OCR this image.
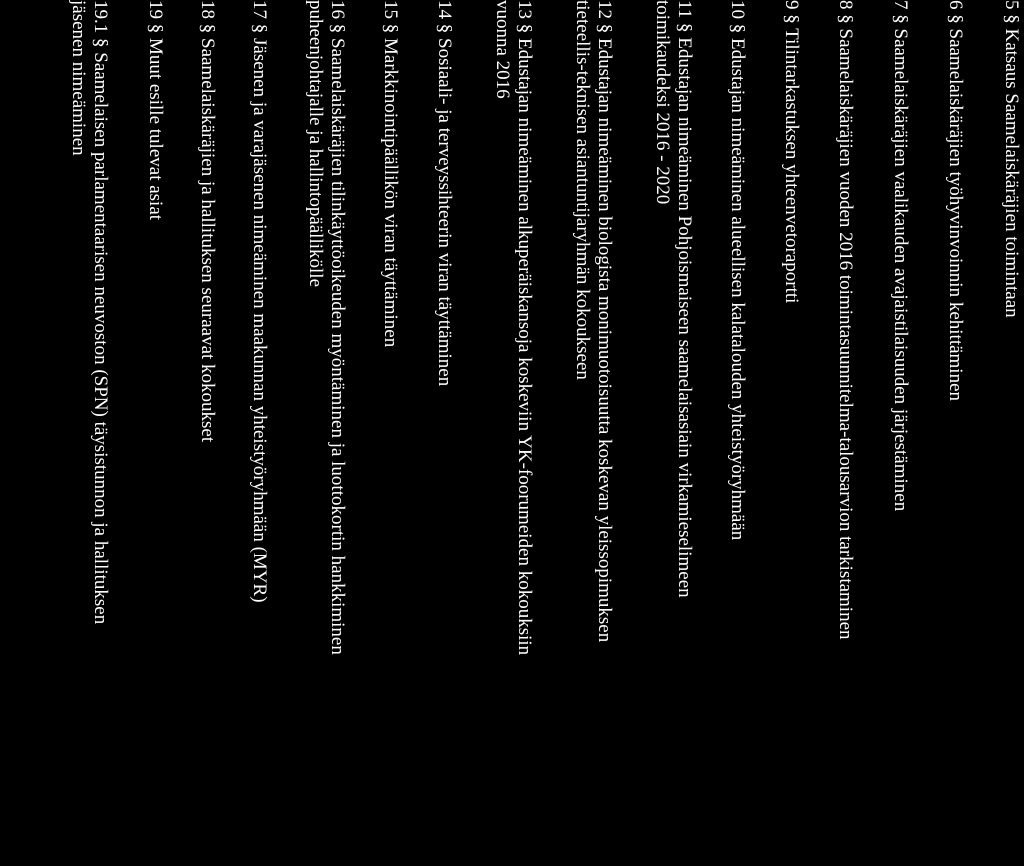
5 § Katsaus Saamelaiskäräjien toimintaan
6 § Saamelaiskäräjien työhyvinvoinnin kehittäminen
7 § Saamelaiskäräjien vaalikauden avajaistilaisuuden järjestäminen
8 § Saamelaiskäräjien vuoden 2016 toimintasuunnitelma-talousarvion tarkistaminen
9 § Tilintarkastuksen yhteenvetoraportti
10 § Edustajan nimeäminen alueellisen kalatalouden yhteistyöryhmään
11 § Edustajan nimeäminen Pohjoismaiseen saamelaisasiain virkamieselimeen
toimikaudeksi 2016 - 2020
12 § Edustajan nimeäminen biologista monimuotoisuutta koskevan yleissopimuksen
tieteellis-teknisen asiantuntijaryhmän kokoukseen
13 § Edustajan nimeäminen alkuperäiskansoja koskeviin YK-foorumeiden kokouksiin
vuonna 2016
14 § Sosiaali- ja terveyssihteerin viran täyttäminen
15 § Markkinointipäällikön viran täyttäminen
16 § Saamelaiskäräjien tilinkäyttöoikeuden myöntäminen ja luottokortin hankkiminen
puheenjohtajalle ja hallintopäällikölle
17 § Jäsenen ja varajäsenen nimeäminen maakunnan yhteistyöryhmään (MYR)
18 § Saamelaiskäräjien ja hallituksen seuraavat kokoukset
19 § Muut esille tulevat asiat
19.1 § Saamelaisen parlamentaarisen neuvoston (SPN) täysistunnon ja hallituksen
jäsenen nimeäminen
